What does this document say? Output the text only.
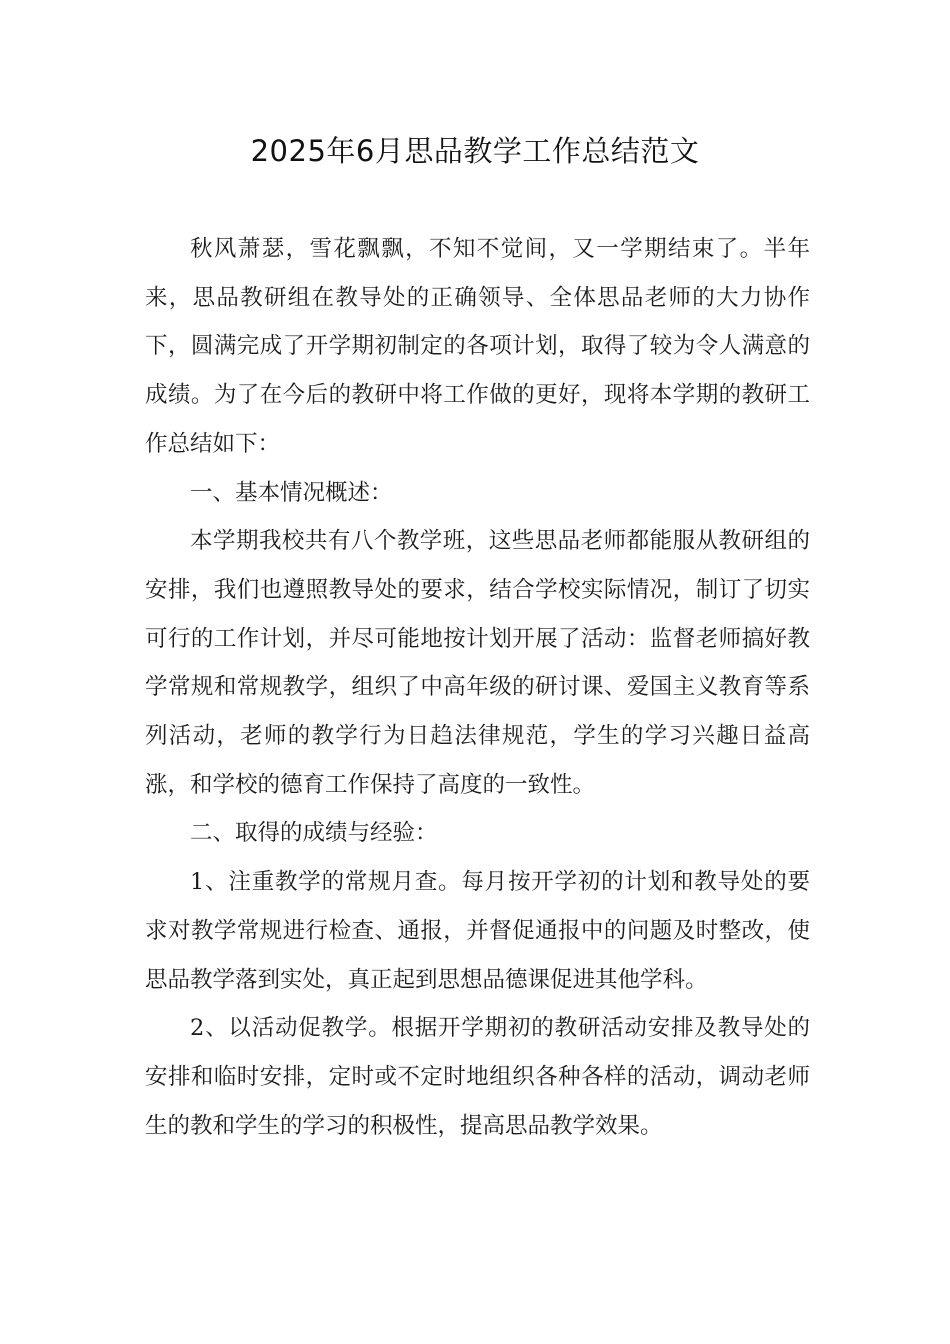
2025年6月思品教学工作总结范文

秋风萧瑟，雪花飘飘，不知不觉间，又一学期结束了。半年来，思品教研组在教导处的正确领导、全体思品老师的大力协作下，圆满完成了开学期初制定的各项计划，取得了较为令人满意的成绩。为了在今后的教研中将工作做的更好，现将本学期的教研工作总结如下：

一、基本情况概述：

本学期我校共有八个教学班，这些思品老师都能服从教研组的安排，我们也遵照教导处的要求，结合学校实际情况，制订了切实可行的工作计划，并尽可能地按计划开展了活动：监督老师搞好教学常规和常规教学，组织了中高年级的研讨课、爱国主义教育等系列活动，老师的教学行为日趋法律规范，学生的学习兴趣日益高涨，和学校的德育工作保持了高度的一致性。

二、取得的成绩与经验：

1、注重教学的常规月查。每月按开学初的计划和教导处的要求对教学常规进行检查、通报，并督促通报中的问题及时整改，使思品教学落到实处，真正起到思想品德课促进其他学科。

2、以活动促教学。根据开学期初的教研活动安排及教导处的安排和临时安排，定时或不定时地组织各种各样的活动，调动老师生的教和学生的学习的积极性，提高思品教学效果。
